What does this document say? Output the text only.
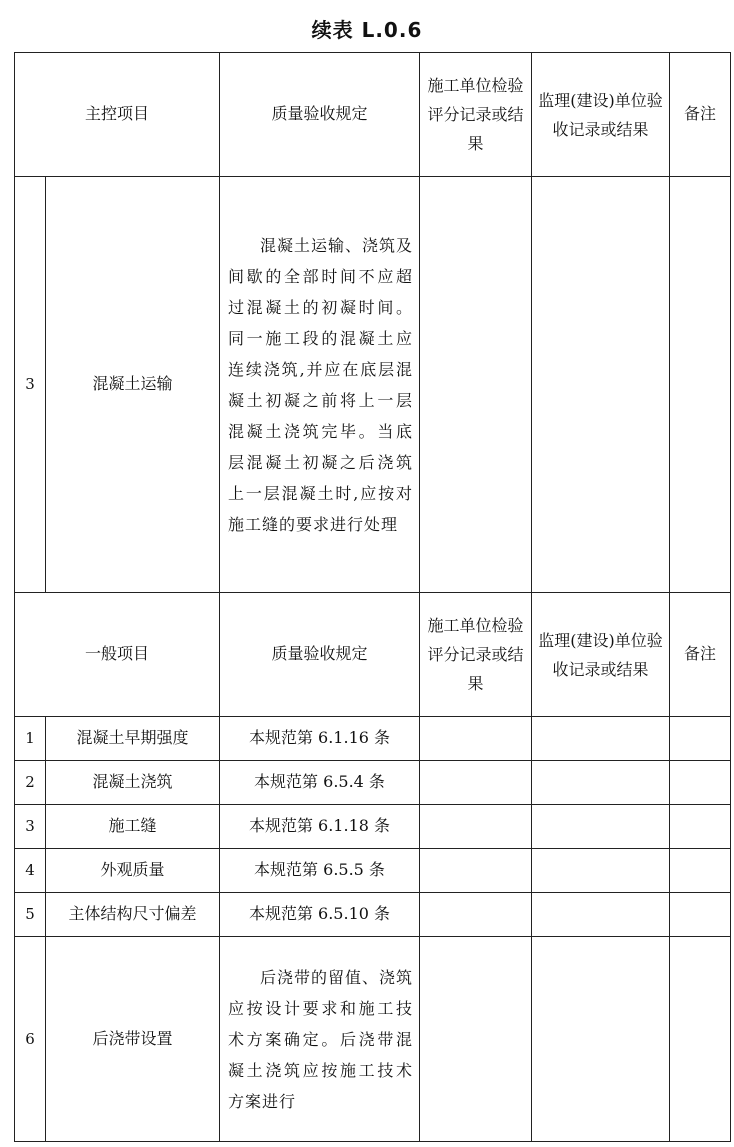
续表 L.0.6
主控项目		质量验收规定	施工单位检验评分记录或结果	监理(建设)单位验收记录或结果	备注
3	混凝土运输	混凝土运输、浇筑及间歇的全部时间不应超过混凝土的初凝时间。同一施工段的混凝土应连续浇筑,并应在底层混凝土初凝之前将上一层混凝土浇筑完毕。当底层混凝土初凝之后浇筑上一层混凝土时,应按对施工缝的要求进行处理			
一般项目		质量验收规定	施工单位检验评分记录或结果	监理(建设)单位验收记录或结果	备注
1	混凝土早期强度	本规范第 6.1.16 条			
2	混凝土浇筑	本规范第 6.5.4 条			
3	施工缝	本规范第 6.1.18 条			
4	外观质量	本规范第 6.5.5 条			
5	主体结构尺寸偏差	本规范第 6.5.10 条			
6	后浇带设置	后浇带的留值、浇筑应按设计要求和施工技术方案确定。后浇带混凝土浇筑应按施工技术方案进行			
